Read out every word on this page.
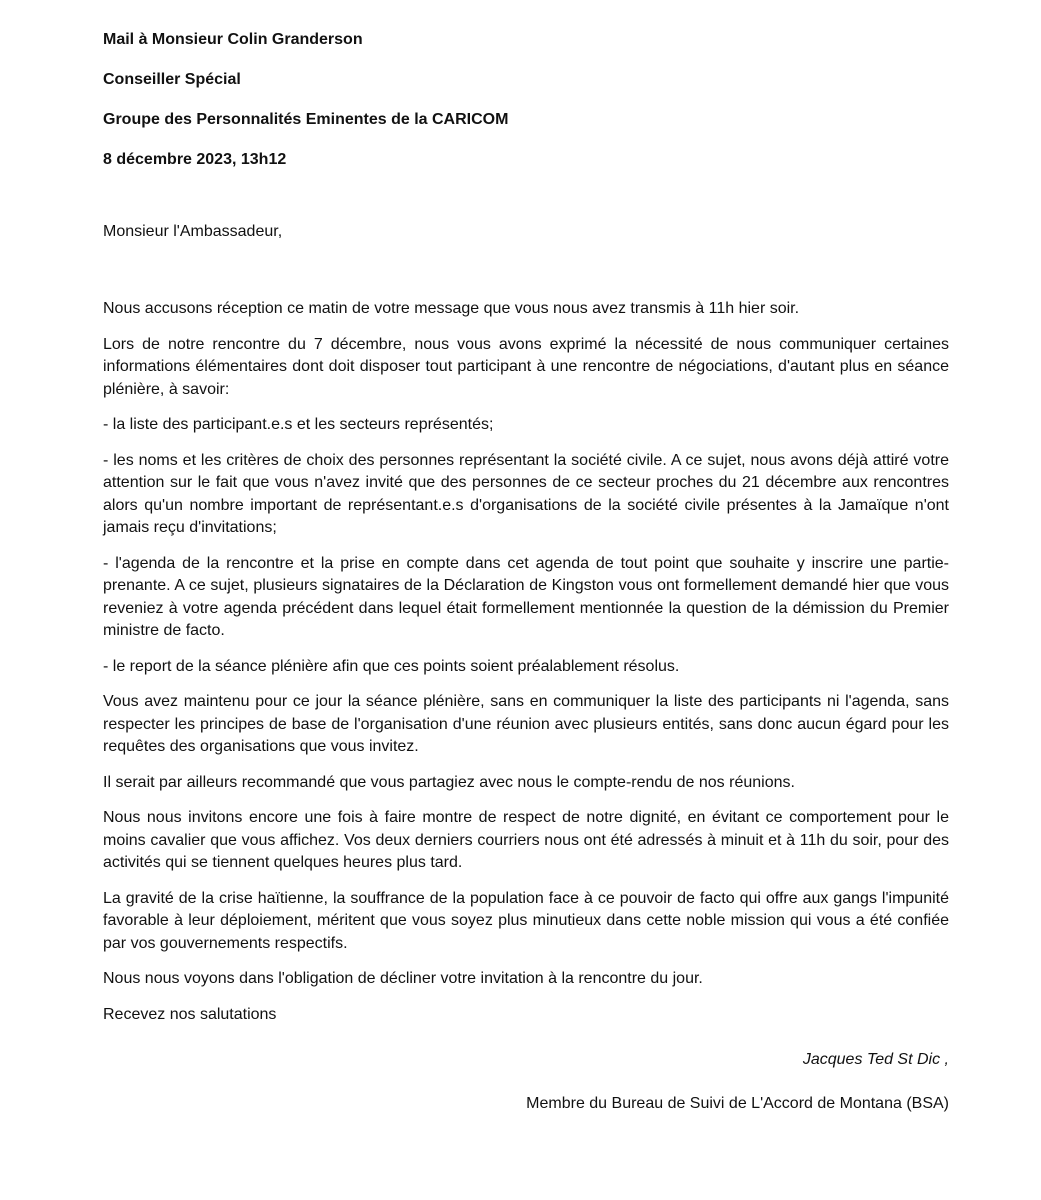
Mail à Monsieur Colin Granderson
Conseiller Spécial
Groupe des Personnalités Eminentes de la CARICOM
8 décembre 2023, 13h12
Monsieur l'Ambassadeur,

Nous accusons réception ce matin de votre message que vous nous avez transmis à 11h hier soir.

Lors de notre rencontre du 7 décembre, nous vous avons exprimé la nécessité de nous communiquer certaines informations élémentaires dont doit disposer tout participant à une rencontre de négociations, d'autant plus en séance plénière, à savoir:

- la liste des participant.e.s et les secteurs représentés;

- les noms et les critères de choix des personnes représentant la société civile. A ce sujet, nous avons déjà attiré votre attention sur le fait que vous n'avez invité que des personnes de ce secteur proches du 21 décembre aux rencontres alors qu'un nombre important de représentant.e.s d'organisations de la société civile présentes à la Jamaïque n'ont jamais reçu d'invitations;

- l'agenda de la rencontre et la prise en compte dans cet agenda de tout point que souhaite y inscrire une partie-prenante. A ce sujet, plusieurs signataires de la Déclaration de Kingston vous ont formellement demandé hier que vous reveniez à votre agenda précédent dans lequel était formellement mentionnée la question de la démission du Premier ministre de facto.

- le report de la séance plénière afin que ces points soient préalablement résolus.

Vous avez maintenu pour ce jour la séance plénière, sans en communiquer la liste des participants ni l'agenda, sans respecter les principes de base de l'organisation d'une réunion avec plusieurs entités, sans donc aucun égard pour les requêtes des organisations que vous invitez.

Il serait par ailleurs recommandé que vous partagiez avec nous le compte-rendu de nos réunions.

Nous nous invitons encore une fois à faire montre de respect de notre dignité, en évitant ce comportement pour le moins cavalier que vous affichez. Vos deux derniers courriers nous ont été adressés à minuit et à 11h du soir, pour des activités qui se tiennent quelques heures plus tard.

La gravité de la crise haïtienne, la souffrance de la population face à ce pouvoir de facto qui offre aux gangs l'impunité favorable à leur déploiement, méritent que vous soyez plus minutieux dans cette noble mission qui vous a été confiée par vos gouvernements respectifs.

Nous nous voyons dans l'obligation de décliner votre invitation à la rencontre du jour.

Recevez nos salutations

Jacques Ted St Dic ,
Membre du Bureau de Suivi de L'Accord de Montana (BSA)
